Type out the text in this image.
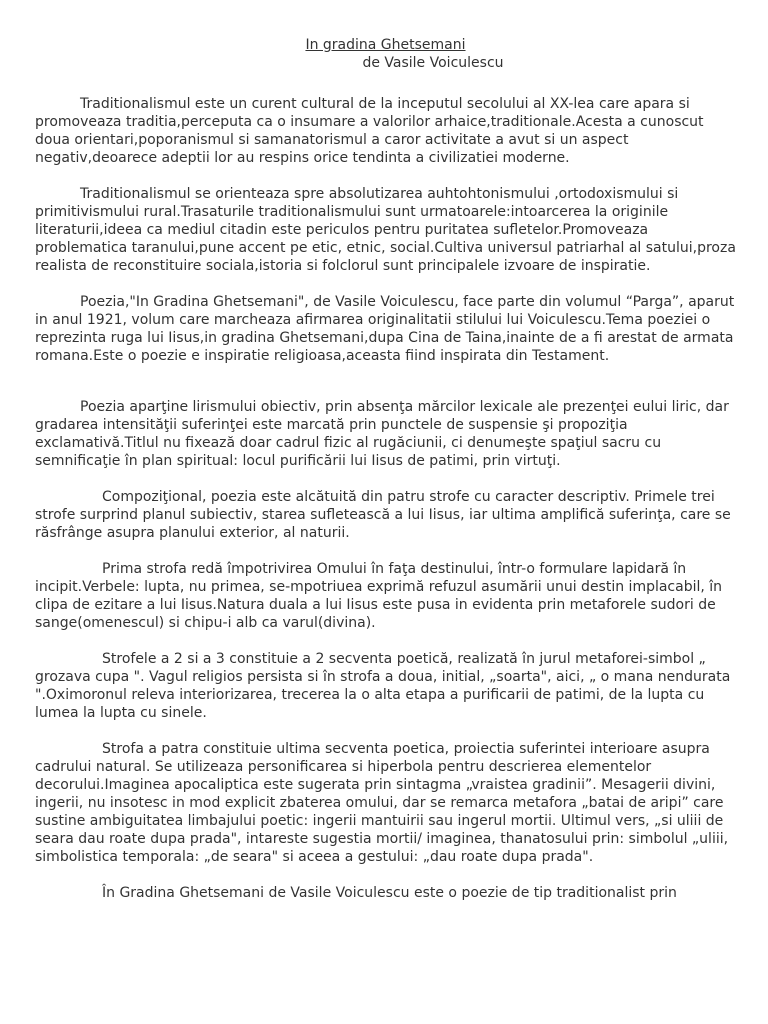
In gradina Ghetsemani
de Vasile Voiculescu

Traditionalismul este un curent cultural de la inceputul secolului al XX-lea care apara si promoveaza traditia,perceputa ca o insumare a valorilor arhaice,traditionale.Acesta a cunoscut doua orientari,poporanismul si samanatorismul a caror activitate a avut si un aspect negativ,deoarece adeptii lor au respins orice tendinta a civilizatiei moderne.

Traditionalismul se orienteaza spre absolutizarea auhtohtonismului ,ortodoxismului si primitivismului rural.Trasaturile traditionalismului sunt urmatoarele:intoarcerea la originile literaturii,ideea ca mediul citadin este periculos pentru puritatea sufletelor.Promoveaza problematica taranului,pune accent pe etic, etnic, social.Cultiva universul patriarhal al satului,proza realista de reconstituire sociala,istoria si folclorul sunt principalele izvoare de inspiratie.

Poezia,"In Gradina Ghetsemani", de Vasile Voiculescu, face parte din volumul “Parga”, aparut in anul 1921, volum care marcheaza afirmarea originalitatii stilului lui Voiculescu.Tema poeziei o reprezinta ruga lui Iisus,in gradina Ghetsemani,dupa Cina de Taina,inainte de a fi arestat de armata romana.Este o poezie e inspiratie religioasa,aceasta fiind inspirata din Testament.

Poezia aparţine lirismului obiectiv, prin absenţa mărcilor lexicale ale prezenţei eului liric, dar gradarea intensităţii suferinţei este marcată prin punctele de suspensie şi propoziţia exclamativă.Titlul nu fixează doar cadrul fizic al rugăciunii, ci denumeşte spaţiul sacru cu semnificaţie în plan spiritual: locul purificării lui Iisus de patimi, prin virtuţi.

Compoziţional, poezia este alcătuită din patru strofe cu caracter descriptiv. Primele trei strofe surprind planul subiectiv, starea sufletească a lui Iisus, iar ultima amplifică suferinţa, care se răsfrânge asupra planului exterior, al naturii.

Prima strofa redă împotrivirea Omului în faţa destinului, într-o formulare lapidară în incipit.Verbele: lupta, nu primea, se-mpotriuea exprimă refuzul asumării unui destin implacabil, în clipa de ezitare a lui Iisus.Natura duala a lui Iisus este pusa in evidenta prin metaforele sudori de sange(omenescul) si chipu-i alb ca varul(divina).

Strofele a 2 si a 3 constituie a 2 secventa poetică, realizată în jurul metaforei-simbol „ grozava cupa ". Vagul religios persista si în strofa a doua, initial, „soarta", aici, „ o mana nendurata ".Oximoronul releva interiorizarea, trecerea la o alta etapa a purificarii de patimi, de la lupta cu lumea la lupta cu sinele.

Strofa a patra constituie ultima secventa poetica, proiectia suferintei interioare asupra cadrului natural. Se utilizeaza personificarea si hiperbola pentru descrierea elementelor decorului.Imaginea apocaliptica este sugerata prin sintagma „vraistea gradinii”. Mesagerii divini, ingerii, nu insotesc in mod explicit zbaterea omului, dar se remarca metafora „batai de aripi” care sustine ambiguitatea limbajului poetic: ingerii mantuirii sau ingerul mortii. Ultimul vers, „si uliii de seara dau roate dupa prada", intareste sugestia mortii/ imaginea, thanatosului prin: simbolul „uliii, simbolistica temporala: „de seara" si aceea a gestului: „dau roate dupa prada".

În Gradina Ghetsemani de Vasile Voiculescu este o poezie de tip traditionalist prin
